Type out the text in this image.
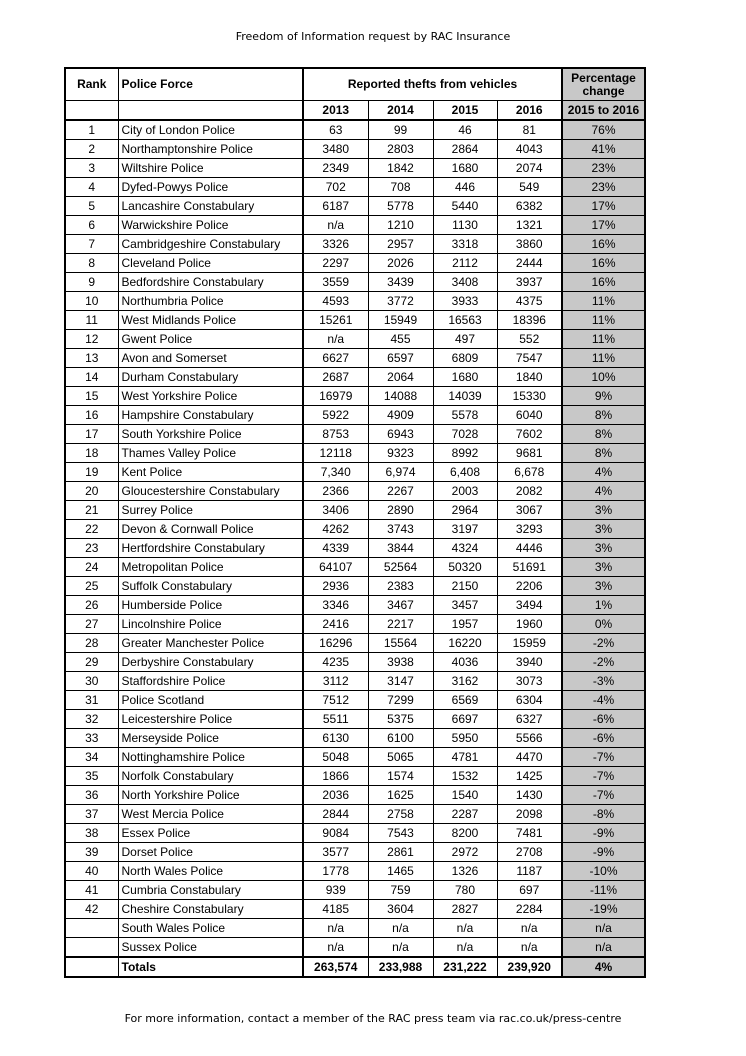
Freedom of Information request by RAC Insurance
Rank	Police Force	Reported thefts from vehicles				Percentage change
		2013	2014	2015	2016	2015 to 2016
1	City of London Police	63	99	46	81	76%
2	Northamptonshire Police	3480	2803	2864	4043	41%
3	Wiltshire Police	2349	1842	1680	2074	23%
4	Dyfed-Powys Police	702	708	446	549	23%
5	Lancashire Constabulary	6187	5778	5440	6382	17%
6	Warwickshire Police	n/a	1210	1130	1321	17%
7	Cambridgeshire Constabulary	3326	2957	3318	3860	16%
8	Cleveland Police	2297	2026	2112	2444	16%
9	Bedfordshire Constabulary	3559	3439	3408	3937	16%
10	Northumbria Police	4593	3772	3933	4375	11%
11	West Midlands Police	15261	15949	16563	18396	11%
12	Gwent Police	n/a	455	497	552	11%
13	Avon and Somerset	6627	6597	6809	7547	11%
14	Durham Constabulary	2687	2064	1680	1840	10%
15	West Yorkshire Police	16979	14088	14039	15330	9%
16	Hampshire Constabulary	5922	4909	5578	6040	8%
17	South Yorkshire Police	8753	6943	7028	7602	8%
18	Thames Valley Police	12118	9323	8992	9681	8%
19	Kent Police	7,340	6,974	6,408	6,678	4%
20	Gloucestershire Constabulary	2366	2267	2003	2082	4%
21	Surrey Police	3406	2890	2964	3067	3%
22	Devon & Cornwall Police	4262	3743	3197	3293	3%
23	Hertfordshire Constabulary	4339	3844	4324	4446	3%
24	Metropolitan Police	64107	52564	50320	51691	3%
25	Suffolk Constabulary	2936	2383	2150	2206	3%
26	Humberside Police	3346	3467	3457	3494	1%
27	Lincolnshire Police	2416	2217	1957	1960	0%
28	Greater Manchester Police	16296	15564	16220	15959	-2%
29	Derbyshire Constabulary	4235	3938	4036	3940	-2%
30	Staffordshire Police	3112	3147	3162	3073	-3%
31	Police Scotland	7512	7299	6569	6304	-4%
32	Leicestershire Police	5511	5375	6697	6327	-6%
33	Merseyside Police	6130	6100	5950	5566	-6%
34	Nottinghamshire Police	5048	5065	4781	4470	-7%
35	Norfolk Constabulary	1866	1574	1532	1425	-7%
36	North Yorkshire Police	2036	1625	1540	1430	-7%
37	West Mercia Police	2844	2758	2287	2098	-8%
38	Essex Police	9084	7543	8200	7481	-9%
39	Dorset Police	3577	2861	2972	2708	-9%
40	North Wales Police	1778	1465	1326	1187	-10%
41	Cumbria Constabulary	939	759	780	697	-11%
42	Cheshire Constabulary	4185	3604	2827	2284	-19%
	South Wales Police	n/a	n/a	n/a	n/a	n/a
	Sussex Police	n/a	n/a	n/a	n/a	n/a
	Totals	263,574	233,988	231,222	239,920	4%
For more information, contact a member of the RAC press team via rac.co.uk/press-centre
